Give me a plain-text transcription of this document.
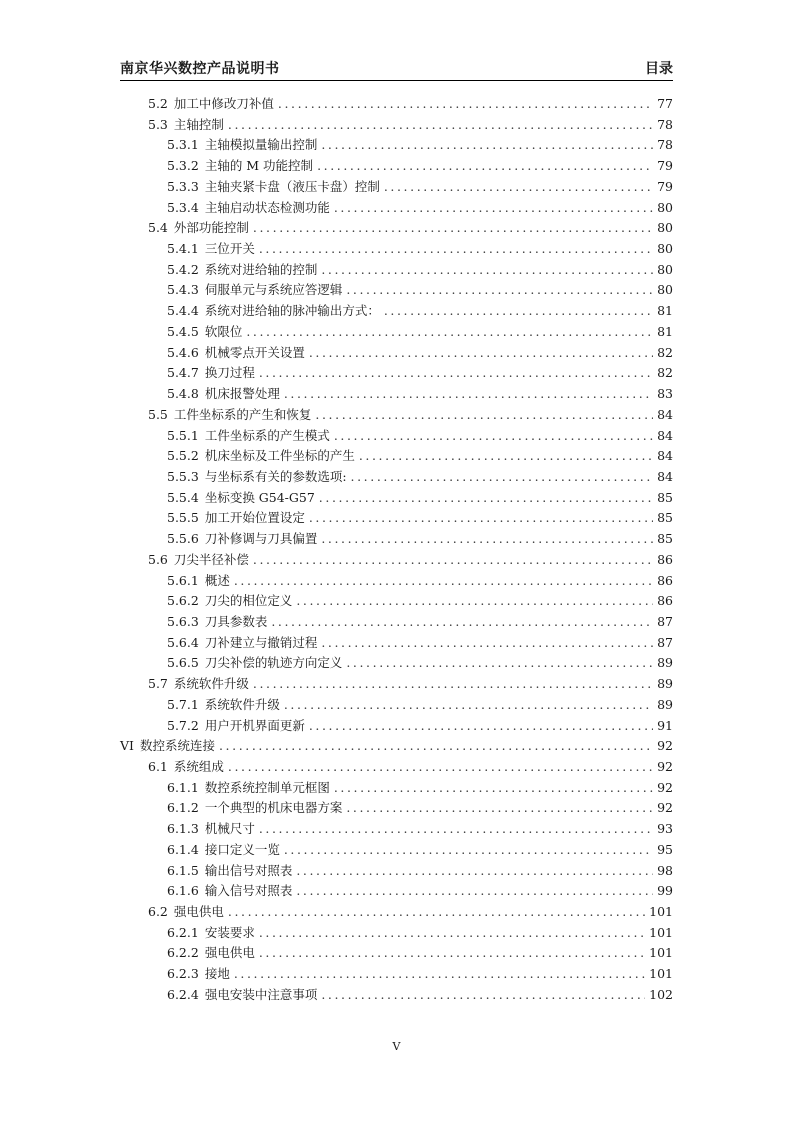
南京华兴数控产品说明书	目录
5.2 加工中修改刀补值 .....	77
5.3 主轴控制 .....	78
5.3.1 主轴模拟量输出控制 .....	78
5.3.2 主轴的 M 功能控制 .....	79
5.3.3 主轴夹紧卡盘（液压卡盘）控制 .....	79
5.3.4 主轴启动状态检测功能 .....	80
5.4 外部功能控制 .....	80
5.4.1 三位开关 .....	80
5.4.2 系统对进给轴的控制 .....	80
5.4.3 伺服单元与系统应答逻辑 .....	80
5.4.4 系统对进给轴的脉冲输出方式： .....	81
5.4.5 软限位 .....	81
5.4.6 机械零点开关设置 .....	82
5.4.7 换刀过程 .....	82
5.4.8 机床报警处理 .....	83
5.5 工件坐标系的产生和恢复 .....	84
5.5.1 工件坐标系的产生模式 .....	84
5.5.2 机床坐标及工件坐标的产生 .....	84
5.5.3 与坐标系有关的参数选项: .....	84
5.5.4 坐标变换 G54-G57 .....	85
5.5.5 加工开始位置设定 .....	85
5.5.6 刀补修调与刀具偏置 .....	85
5.6 刀尖半径补偿 .....	86
5.6.1 概述 .....	86
5.6.2 刀尖的相位定义 .....	86
5.6.3 刀具参数表 .....	87
5.6.4 刀补建立与撤销过程 .....	87
5.6.5 刀尖补偿的轨迹方向定义 .....	89
5.7 系统软件升级 .....	89
5.7.1 系统软件升级 .....	89
5.7.2 用户开机界面更新 .....	91
VI 数控系统连接 .....	92
6.1 系统组成 .....	92
6.1.1 数控系统控制单元框图 .....	92
6.1.2 一个典型的机床电器方案 .....	92
6.1.3 机械尺寸 .....	93
6.1.4 接口定义一览 .....	95
6.1.5 输出信号对照表 .....	98
6.1.6 输入信号对照表 .....	99
6.2 强电供电 .....	101
6.2.1 安装要求 .....	101
6.2.2 强电供电 .....	101
6.2.3 接地 .....	101
6.2.4 强电安装中注意事项 .....	102
V
